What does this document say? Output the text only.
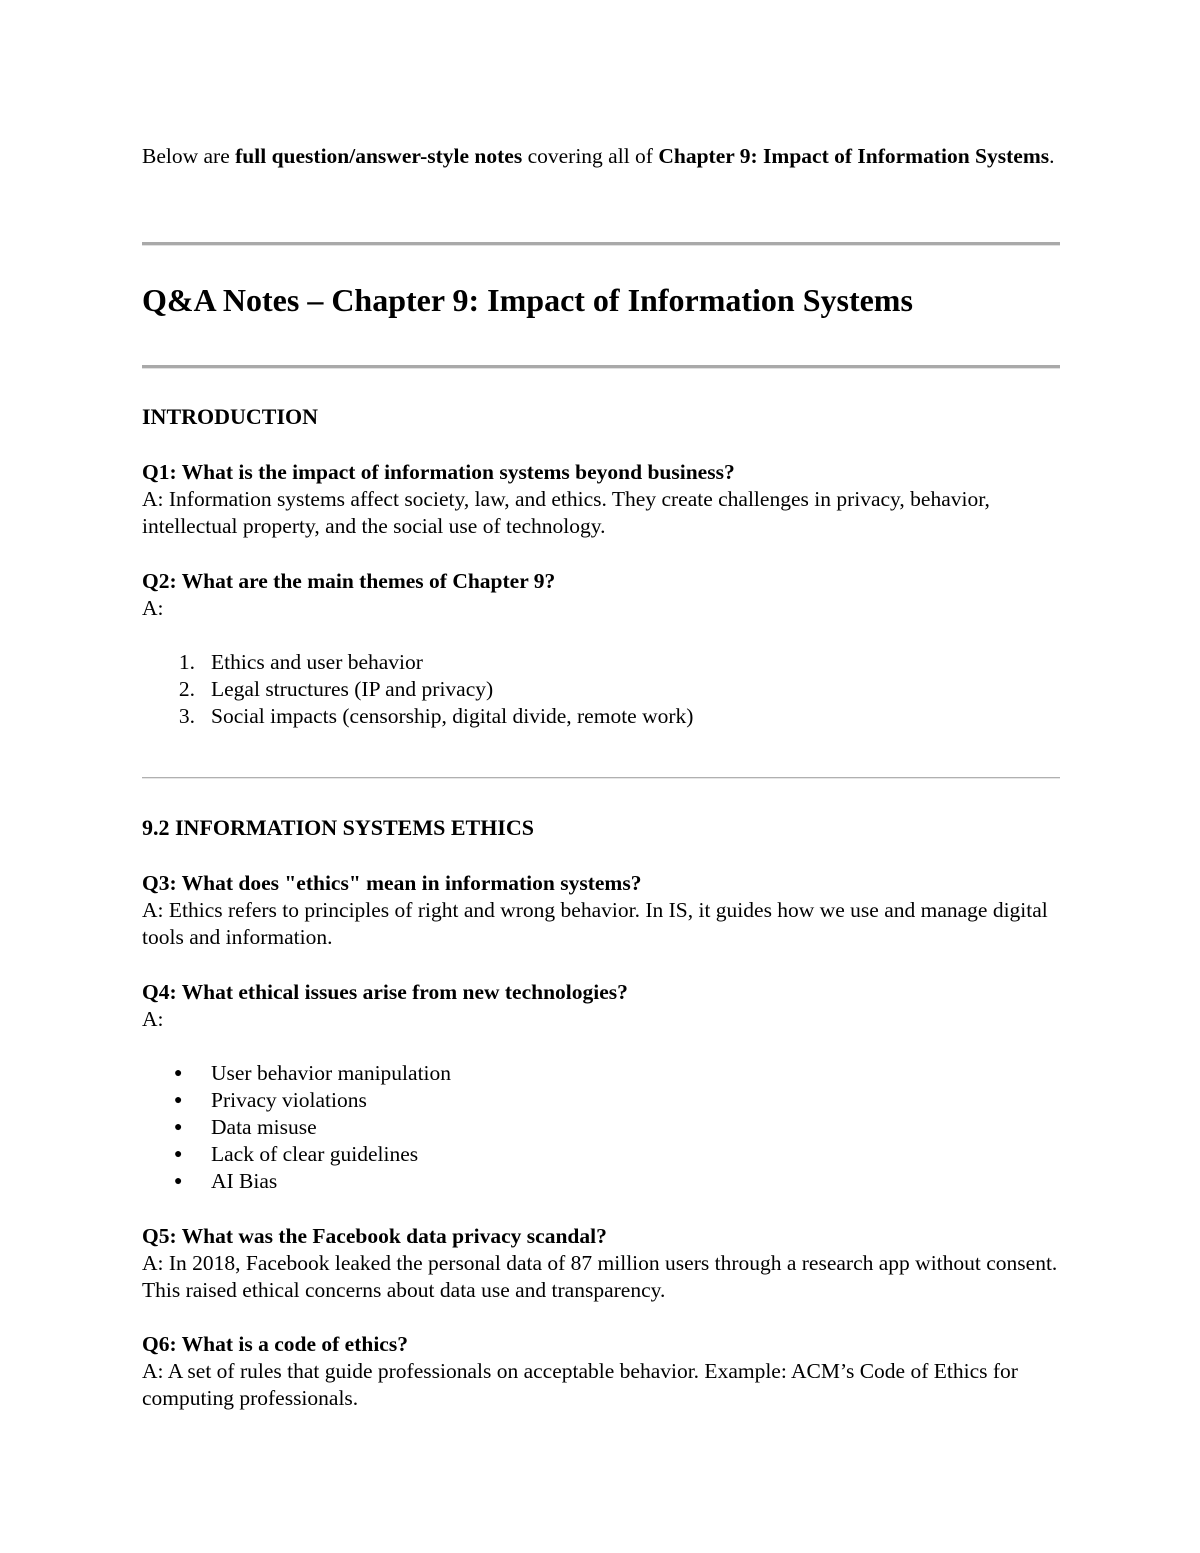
Below are full question/answer-style notes covering all of Chapter 9: Impact of Information Systems.

Q&A Notes – Chapter 9: Impact of Information Systems
INTRODUCTION

Q1: What is the impact of information systems beyond business?

A: Information systems affect society, law, and ethics. They create challenges in privacy, behavior, intellectual property, and the social use of technology.

Q2: What are the main themes of Chapter 9?

A:

1. Ethics and user behavior
2. Legal structures (IP and privacy)
3. Social impacts (censorship, digital divide, remote work)
9.2 INFORMATION SYSTEMS ETHICS

Q3: What does "ethics" mean in information systems?

A: Ethics refers to principles of right and wrong behavior. In IS, it guides how we use and manage digital tools and information.

Q4: What ethical issues arise from new technologies?

A:

●	User behavior manipulation
●	Privacy violations
●	Data misuse
●	Lack of clear guidelines
●	AI Bias

Q5: What was the Facebook data privacy scandal?

A: In 2018, Facebook leaked the personal data of 87 million users through a research app without consent. This raised ethical concerns about data use and transparency.

Q6: What is a code of ethics?

A: A set of rules that guide professionals on acceptable behavior. Example: ACM’s Code of Ethics for computing professionals.
